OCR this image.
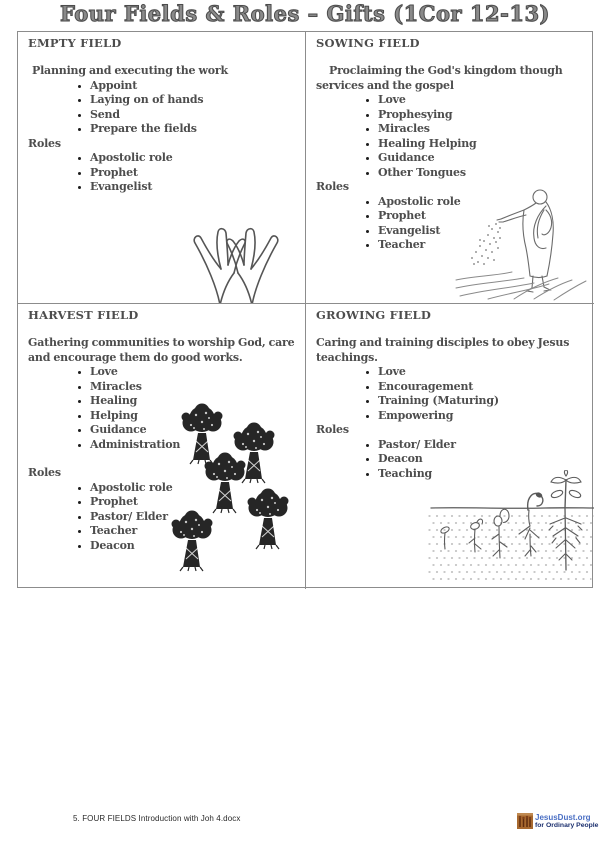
Four Fields & Roles – Gifts (1Cor 12-13)
EMPTY FIELD

Planning and executing the work

• Appoint
• Laying on of hands
• Send
• Prepare the fields
Roles
• Apostolic role
• Prophet
• Evangelist
SOWING FIELD

Proclaiming the God's kingdom though services and the gospel

• Love
• Prophesying
• Miracles
• Healing Helping
• Guidance
• Other Tongues
Roles
• Apostolic role
• Prophet
• Evangelist
• Teacher
HARVEST FIELD

Gathering communities to worship God, care and encourage them do good works.

• Love
• Miracles
• Healing
• Helping
• Guidance
• Administration
Roles
• Apostolic role
• Prophet
• Pastor/ Elder
• Teacher
• Deacon
GROWING FIELD

Caring and training disciples to obey Jesus teachings.

• Love
• Encouragement
• Training (Maturing)
• Empowering
Roles
• Pastor/ Elder
• Deacon
• Teaching
5. FOUR FIELDS Introduction with Joh 4.docx	JesusDust.org
for Ordinary People
